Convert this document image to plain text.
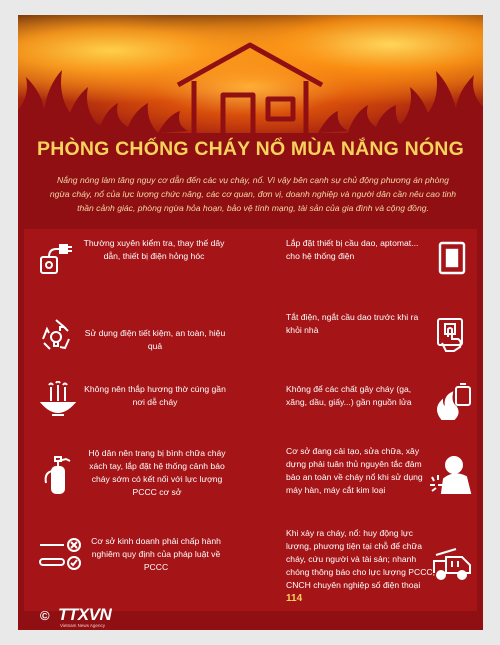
PHÒNG CHỐNG CHÁY NỔ MÙA NẮNG NÓNG
Nắng nóng làm tăng nguy cơ dẫn đến các vụ cháy, nổ. Vì vậy bên cạnh sự chủ động phương án phòng ngừa cháy, nổ của lực lượng chức năng, các cơ quan, đơn vị, doanh nghiệp và người dân cần nêu cao tinh thần cảnh giác, phòng ngừa hỏa hoạn, bảo vệ tính mạng, tài sản của gia đình và cộng đồng.
Thường xuyên kiểm tra, thay thế dây dẫn, thiết bị điện hỏng hóc
Sử dụng điện tiết kiệm, an toàn, hiệu quả
Không nên thắp hương thờ cúng gần nơi dễ cháy
Hộ dân nên trang bị bình chữa cháy xách tay, lắp đặt hệ thống cảnh báo cháy sớm có kết nối với lực lượng PCCC cơ sở
Cơ sở kinh doanh phải chấp hành nghiêm quy định của pháp luật về PCCC
Lắp đặt thiết bị cầu dao, aptomat... cho hệ thống điện
Tắt điện, ngắt cầu dao trước khi ra khỏi nhà
Không để các chất gây cháy (ga, xăng, dầu, giấy...) gần nguồn lửa
Cơ sở đang cải tạo, sửa chữa, xây dựng phải tuân thủ nguyên tắc đảm bảo an toàn về cháy nổ khi sử dụng máy hàn, máy cắt kim loại
Khi xảy ra cháy, nổ: huy động lực lượng, phương tiện tại chỗ để chữa cháy, cứu người và tài sản; nhanh chóng thông báo cho lực lượng PCCC, CNCH chuyên nghiệp số điện thoại 114
© TTXVN
Vietnam News Agency
